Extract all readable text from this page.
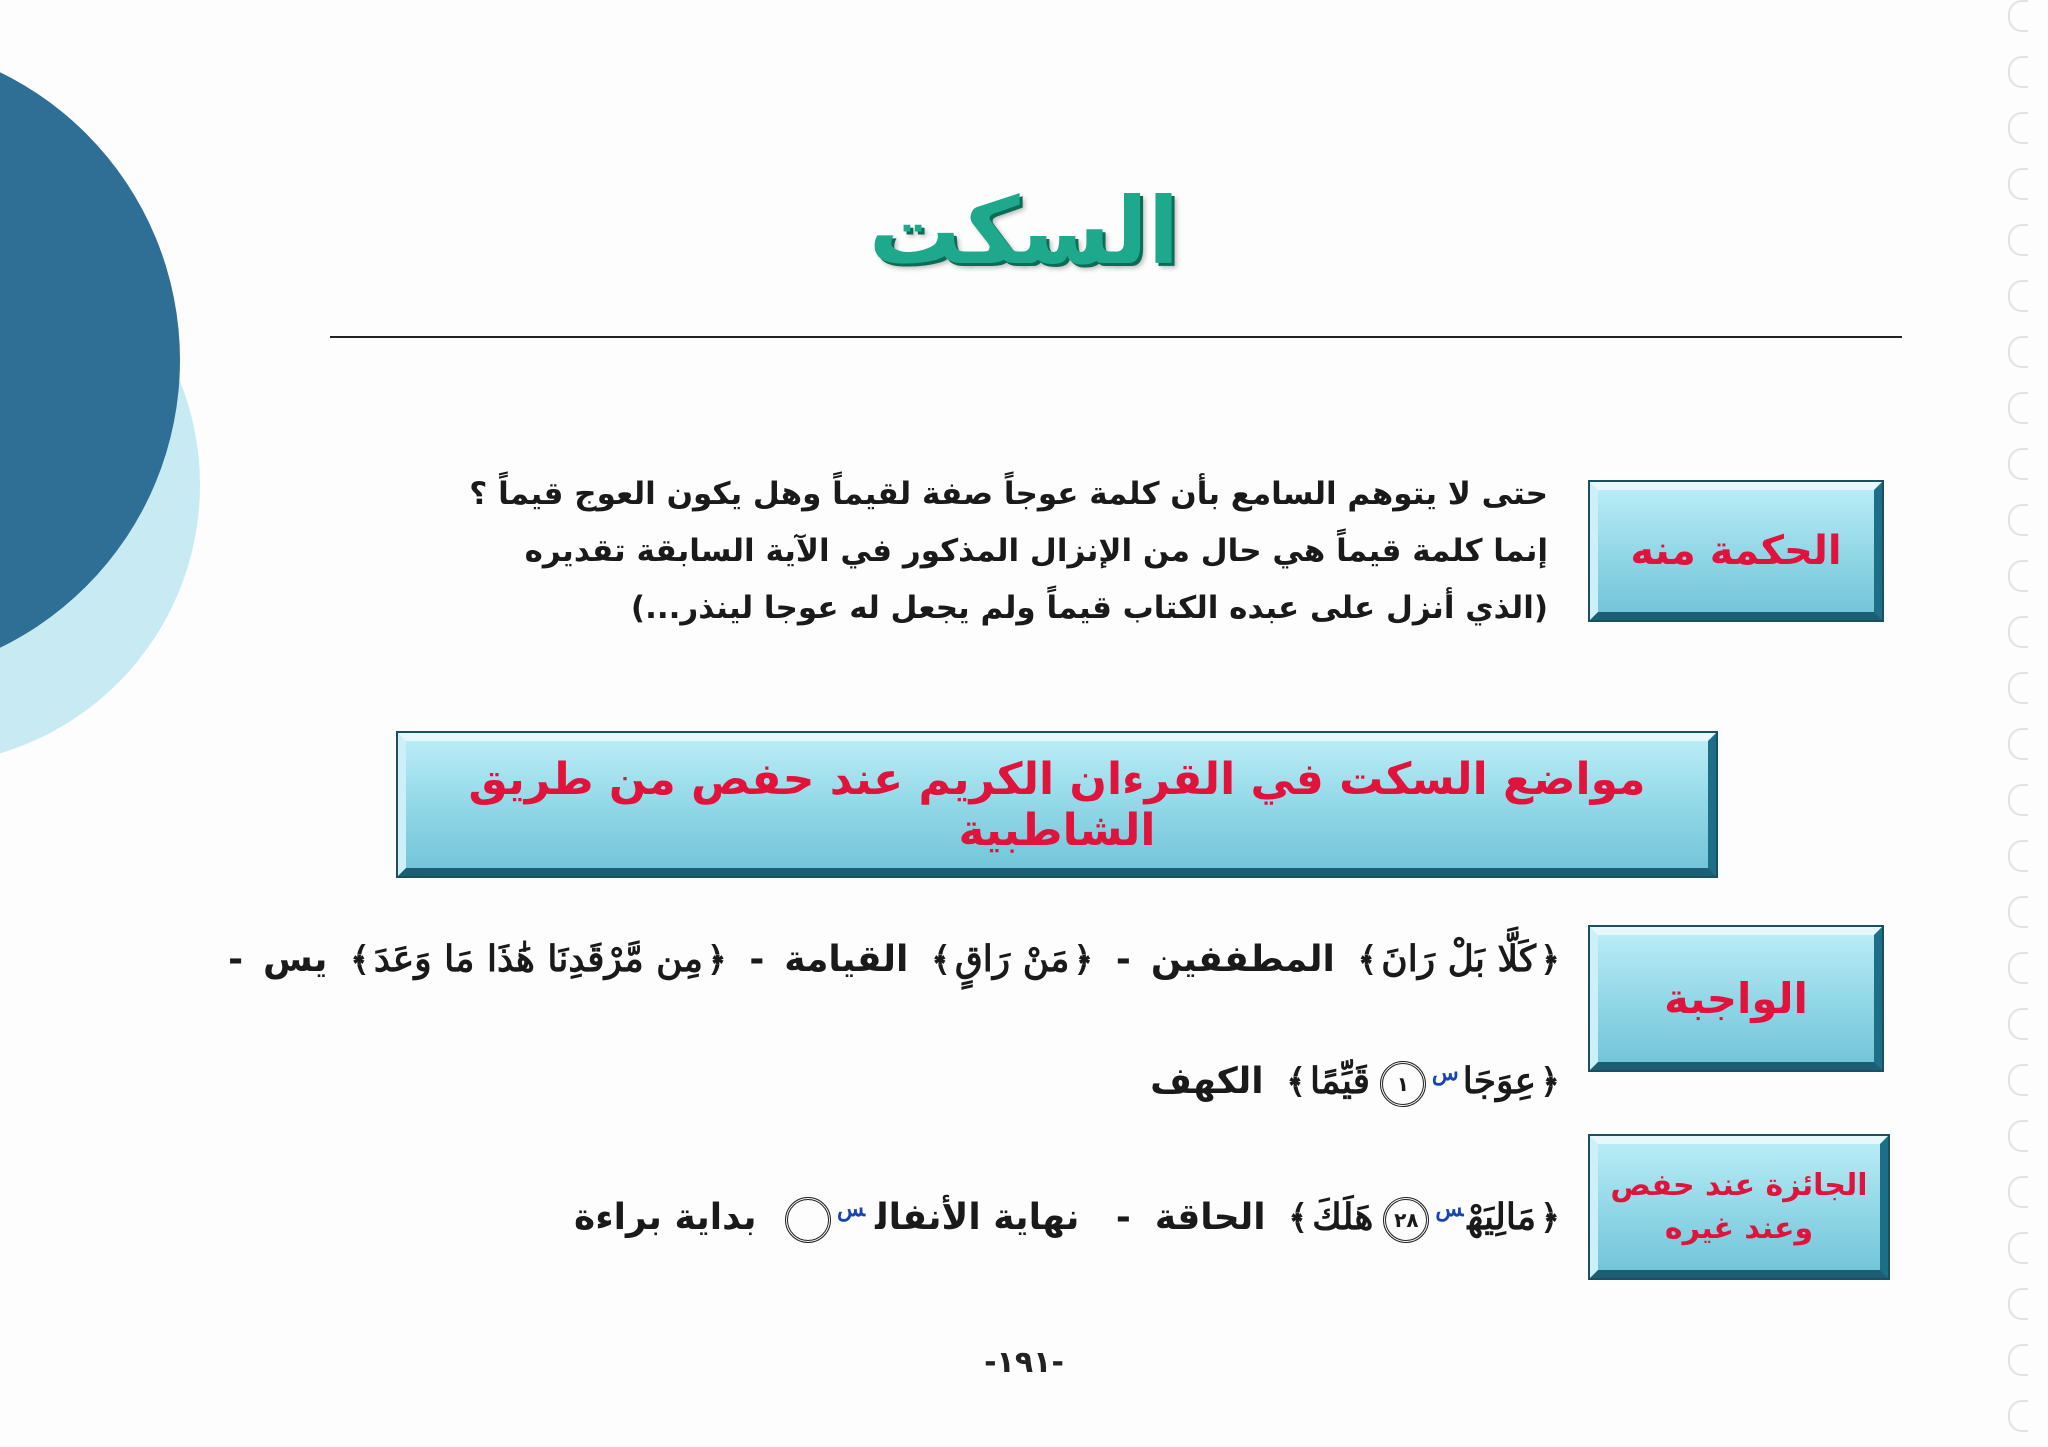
السكت
الحكمة منه
حتى لا يتوهم السامع بأن كلمة عوجاً صفة لقيماً وهل يكون العوج قيماً ؟
إنما كلمة قيماً هي حال من الإنزال المذكور في الآية السابقة تقديره
(الذي أنزل على عبده الكتاب قيماً ولم يجعل له عوجا لينذر...)
مواضع السكت في القرءان الكريم عند حفص من طريق الشاطبية
الواجبة
﴿كَلَّا بَلْ رَانَ﴾ المطففين- ﴿مَنْ رَاقٍ﴾ القيامة- ﴿مِن مَّرْقَدِنَا هَٰذَا مَا وَعَدَ﴾ يس-
﴿عِوَجَا$^س$١قَيِّمًا﴾ الكهف
الجائزة عند حفص
وعند غيره
﴿مَالِيَهْ$^س$٢٨هَلَكَ﴾ الحاقة- نهاية الأنفال$^س$ بداية براءة
-١٩١-
